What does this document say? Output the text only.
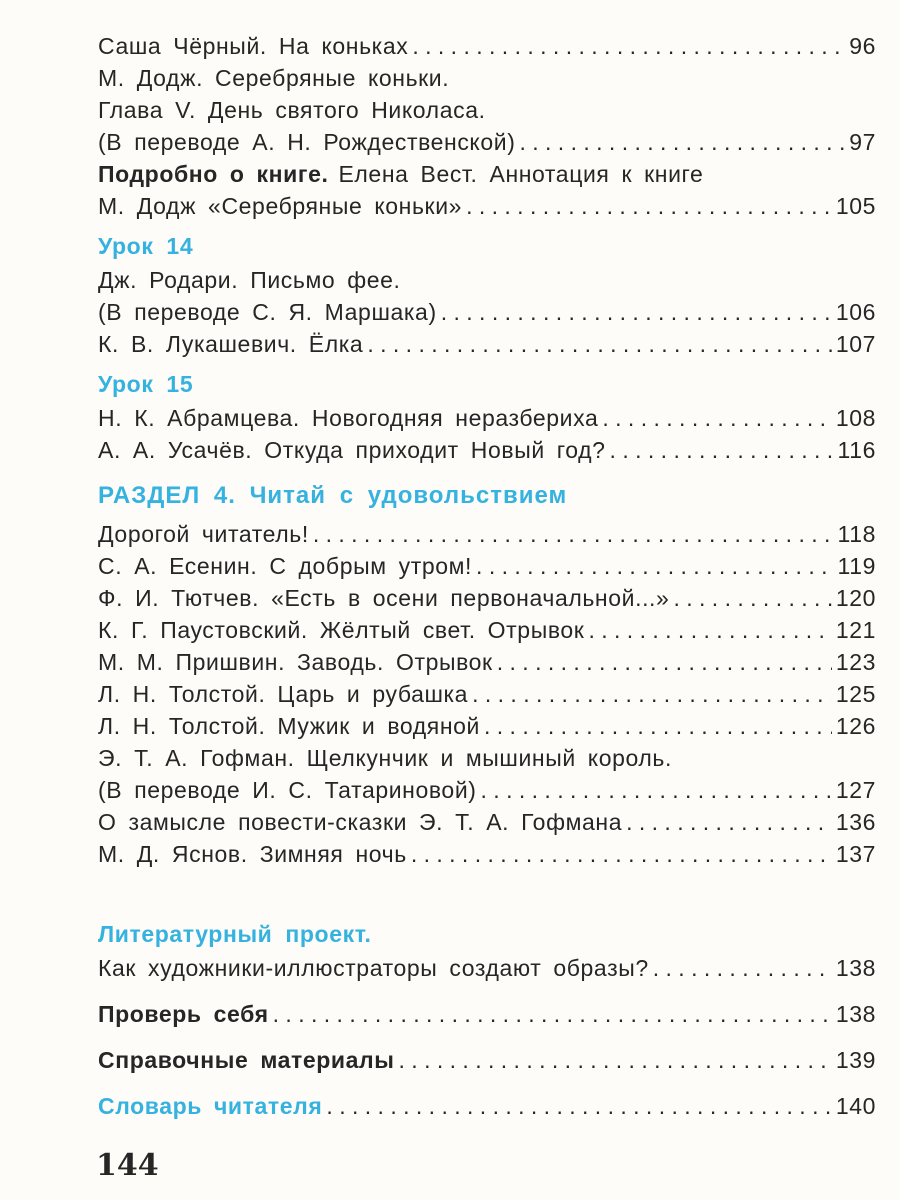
Саша Чёрный. На коньках . . .	96
М. Додж. Серебряные коньки.
Глава V. День святого Николаса.
(В переводе А. Н. Рождественской) . . .	97
Подробно о книге. Елена Вест. Аннотация к книге
М. Додж «Серебряные коньки» . . .	105
Урок 14
Дж. Родари. Письмо фее.
(В переводе С. Я. Маршака) . . .	106
К. В. Лукашевич. Ёлка . . .	107
Урок 15
Н. К. Абрамцева. Новогодняя неразбериха . . .	108
А. А. Усачёв. Откуда приходит Новый год? . . .	116
РАЗДЕЛ 4. Читай с удовольствием
Дорогой читатель! . . .	118
С. А. Есенин. С добрым утром! . . .	119
Ф. И. Тютчев. «Есть в осени первоначальной...» . . .	120
К. Г. Паустовский. Жёлтый свет. Отрывок . . .	121
М. М. Пришвин. Заводь. Отрывок . . .	123
Л. Н. Толстой. Царь и рубашка . . .	125
Л. Н. Толстой. Мужик и водяной . . .	126
Э. Т. А. Гофман. Щелкунчик и мышиный король.
(В переводе И. С. Татариновой) . . .	127
О замысле повести-сказки Э. Т. А. Гофмана . . .	136
М. Д. Яснов. Зимняя ночь . . .	137
Литературный проект.
Как художники-иллюстраторы создают образы? . . .	138
Проверь себя . . .	138
Справочные материалы . . .	139
Словарь читателя . . .	140
144
